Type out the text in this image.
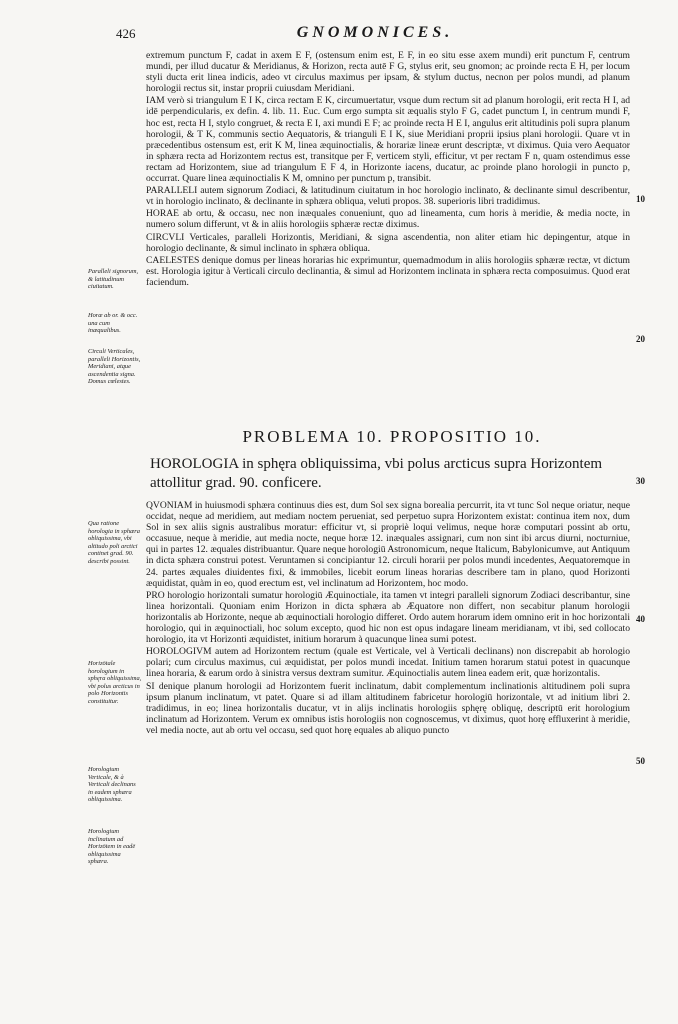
426	GNOMONICES.

extremum punctum F, cadat in axem E F, (ostensum enim est, E F, in eo situ esse axem mundi) erit punctum F, centrum mundi, per illud ducatur & Meridianus, & Horizon, recta autē F G, stylus erit, seu gnomon; ac proinde recta E H, per locum styli ducta erit linea indicis, adeo vt circulus maximus per ipsam, & stylum ductus, necnon per polos mundi, ad planum horologii rectus sit, instar proprii cuiusdam Meridiani.

IAM verò si triangulum E I K, circa rectam E K, circumuertatur, vsque dum rectum sit ad planum horologii, erit recta H I, ad idē perpendicularis, ex defin. 4. lib. 11. Euc. Cum ergo sumpta sit æqualis stylo F G, cadet punctum I, in centrum mundi F, hoc est, recta H I, stylo congruet, & recta E I, axi mundi E F; ac proinde recta H E I, angulus erit altitudinis poli supra planum horologii, & T K, communis sectio Aequatoris, & trianguli E I K, siue Meridiani proprii ipsius plani horologii. Quare vt in præcedentibus ostensum est, erit K M, linea æquinoctialis, & horariæ lineæ erunt descriptæ, vt diximus. Quia vero Aequator in sphæra recta ad Horizontem rectus est, transitque per F, verticem styli, efficitur, vt per rectam F n, quam ostendimus esse rectam ad Horizontem, siue ad triangulum E F 4, in Horizonte iacens, ducatur, ac proinde plano horologii in puncto p, occurrat. Quare linea æquinoctialis K M, omnino per punctum p, transibit.

PARALLELI autem signorum Zodiaci, & latitudinum ciuitatum in hoc horologio inclinato, & declinante simul describentur, vt in horologio inclinato, & declinante in sphæra obliqua, veluti propos. 38. superioris libri tradidimus.

HORAE ab ortu, & occasu, nec non inæquales conueniunt, quo ad lineamenta, cum horis à meridie, & media nocte, in numero solum differunt, vt & in aliis horologiis sphæræ rectæ diximus.

CIRCVLI Verticales, paralleli Horizontis, Meridiani, & signa ascendentia, non aliter etiam hic depingentur, atque in horologio declinante, & simul inclinato in sphæra obliqua.

CAELESTES denique domus per lineas horarias hic exprimuntur, quemadmodum in aliis horologiis sphæræ rectæ, vt dictum est. Horologia igitur à Verticali circulo declinantia, & simul ad Horizontem inclinata in sphæra recta composuimus. Quod erat faciendum.

PROBLEMA 10. PROPOSITIO 10.
HOROLOGIA in sphęra obliquissima, vbi polus arcticus supra Horizontem attollitur grad. 90. conficere.

QVONIAM in huiusmodi sphæra continuus dies est, dum Sol sex signa borealia percurrit, ita vt tunc Sol neque oriatur, neque occidat, neque ad meridiem, aut mediam noctem perueniat, sed perpetuo supra Horizontem existat: continua item nox, dum Sol in sex aliis signis australibus moratur: efficitur vt, si propriè loqui velimus, neque horæ computari possint ab ortu, occasuue, neque à meridie, aut media nocte, neque horæ 12. inæquales assignari, cum non sint ibi arcus diurni, nocturniue, qui in partes 12. æquales distribuantur. Quare neque horologiū Astronomicum, neque Italicum, Babylonicumve, aut Antiquum in dicta sphæra construi potest. Veruntamen si concipiantur 12. circuli horarii per polos mundi incedentes, Aequatoremque in 24. partes æquales diuidentes fixi, & immobiles, licebit eorum lineas horarias describere tam in plano, quod Horizonti æquidistat, quàm in eo, quod erectum est, vel inclinatum ad Horizontem, hoc modo.

PRO horologio horizontali sumatur horologiū Æquinoctiale, ita tamen vt integri paralleli signorum Zodiaci describantur, sine linea horizontali. Quoniam enim Horizon in dicta sphæra ab Æquatore non differt, non secabitur planum horologii horizontalis ab Horizonte, neque ab æquinoctiali horologio differet. Ordo autem horarum idem omnino erit in hoc horizontali horologio, qui in æquinoctiali, hoc solum excepto, quod hic non est opus indagare lineam meridianam, vt ibi, sed collocato horologio, ita vt Horizonti æquidistet, initium horarum à quacunque linea sumi potest.

HOROLOGIVM autem ad Horizontem rectum (quale est Verticale, vel à Verticali declinans) non discrepabit ab horologio polari; cum circulus maximus, cui æquidistat, per polos mundi incedat. Initium tamen horarum statui potest in quacunque linea horaria, & earum ordo à sinistra versus dextram sumitur. Æquinoctialis autem linea eadem erit, quæ horizontalis.

SI denique planum horologii ad Horizontem fuerit inclinatum, dabit complementum inclinationis altitudinem poli supra ipsum planum inclinatum, vt patet. Quare si ad illam altitudinem fabricetur horologiū horizontale, vt ad initium libri 2. tradidimus, in eo; linea horizontalis ducatur, vt in alijs inclinatis horologiis sphęrę obliquę, descriptū erit horologium inclinatum ad Horizontem. Verum ex omnibus istis horologiis non cognoscemus, vt diximus, quot horę effluxerint à meridie, vel media nocte, aut ab ortu vel occasu, sed quot horę equales ab aliquo puncto

Paralleli signorum, & latitudinum ciuitatum.
Horæ ab or. & occ. una cum inæqualibus.
Circuli Verticales, paralleli Horizontis, Meridiani, atque ascendentia signa. Domus cœlestes.
Qua ratione horologia in sphæra obliquissima, vbi altitudo poli arctici continet grad. 90. describi possint.
Horizōtale horologium in sphęra obliquissima, vbi polus arcticus in polo Horizontis constituitur.
Horologium Verticale, & à Verticali declinans in eadem sphæra obliquissima.
Horologium inclinatum ad Horizōtem in eadē obliquissima sphæra.
10
20
30
40
50
